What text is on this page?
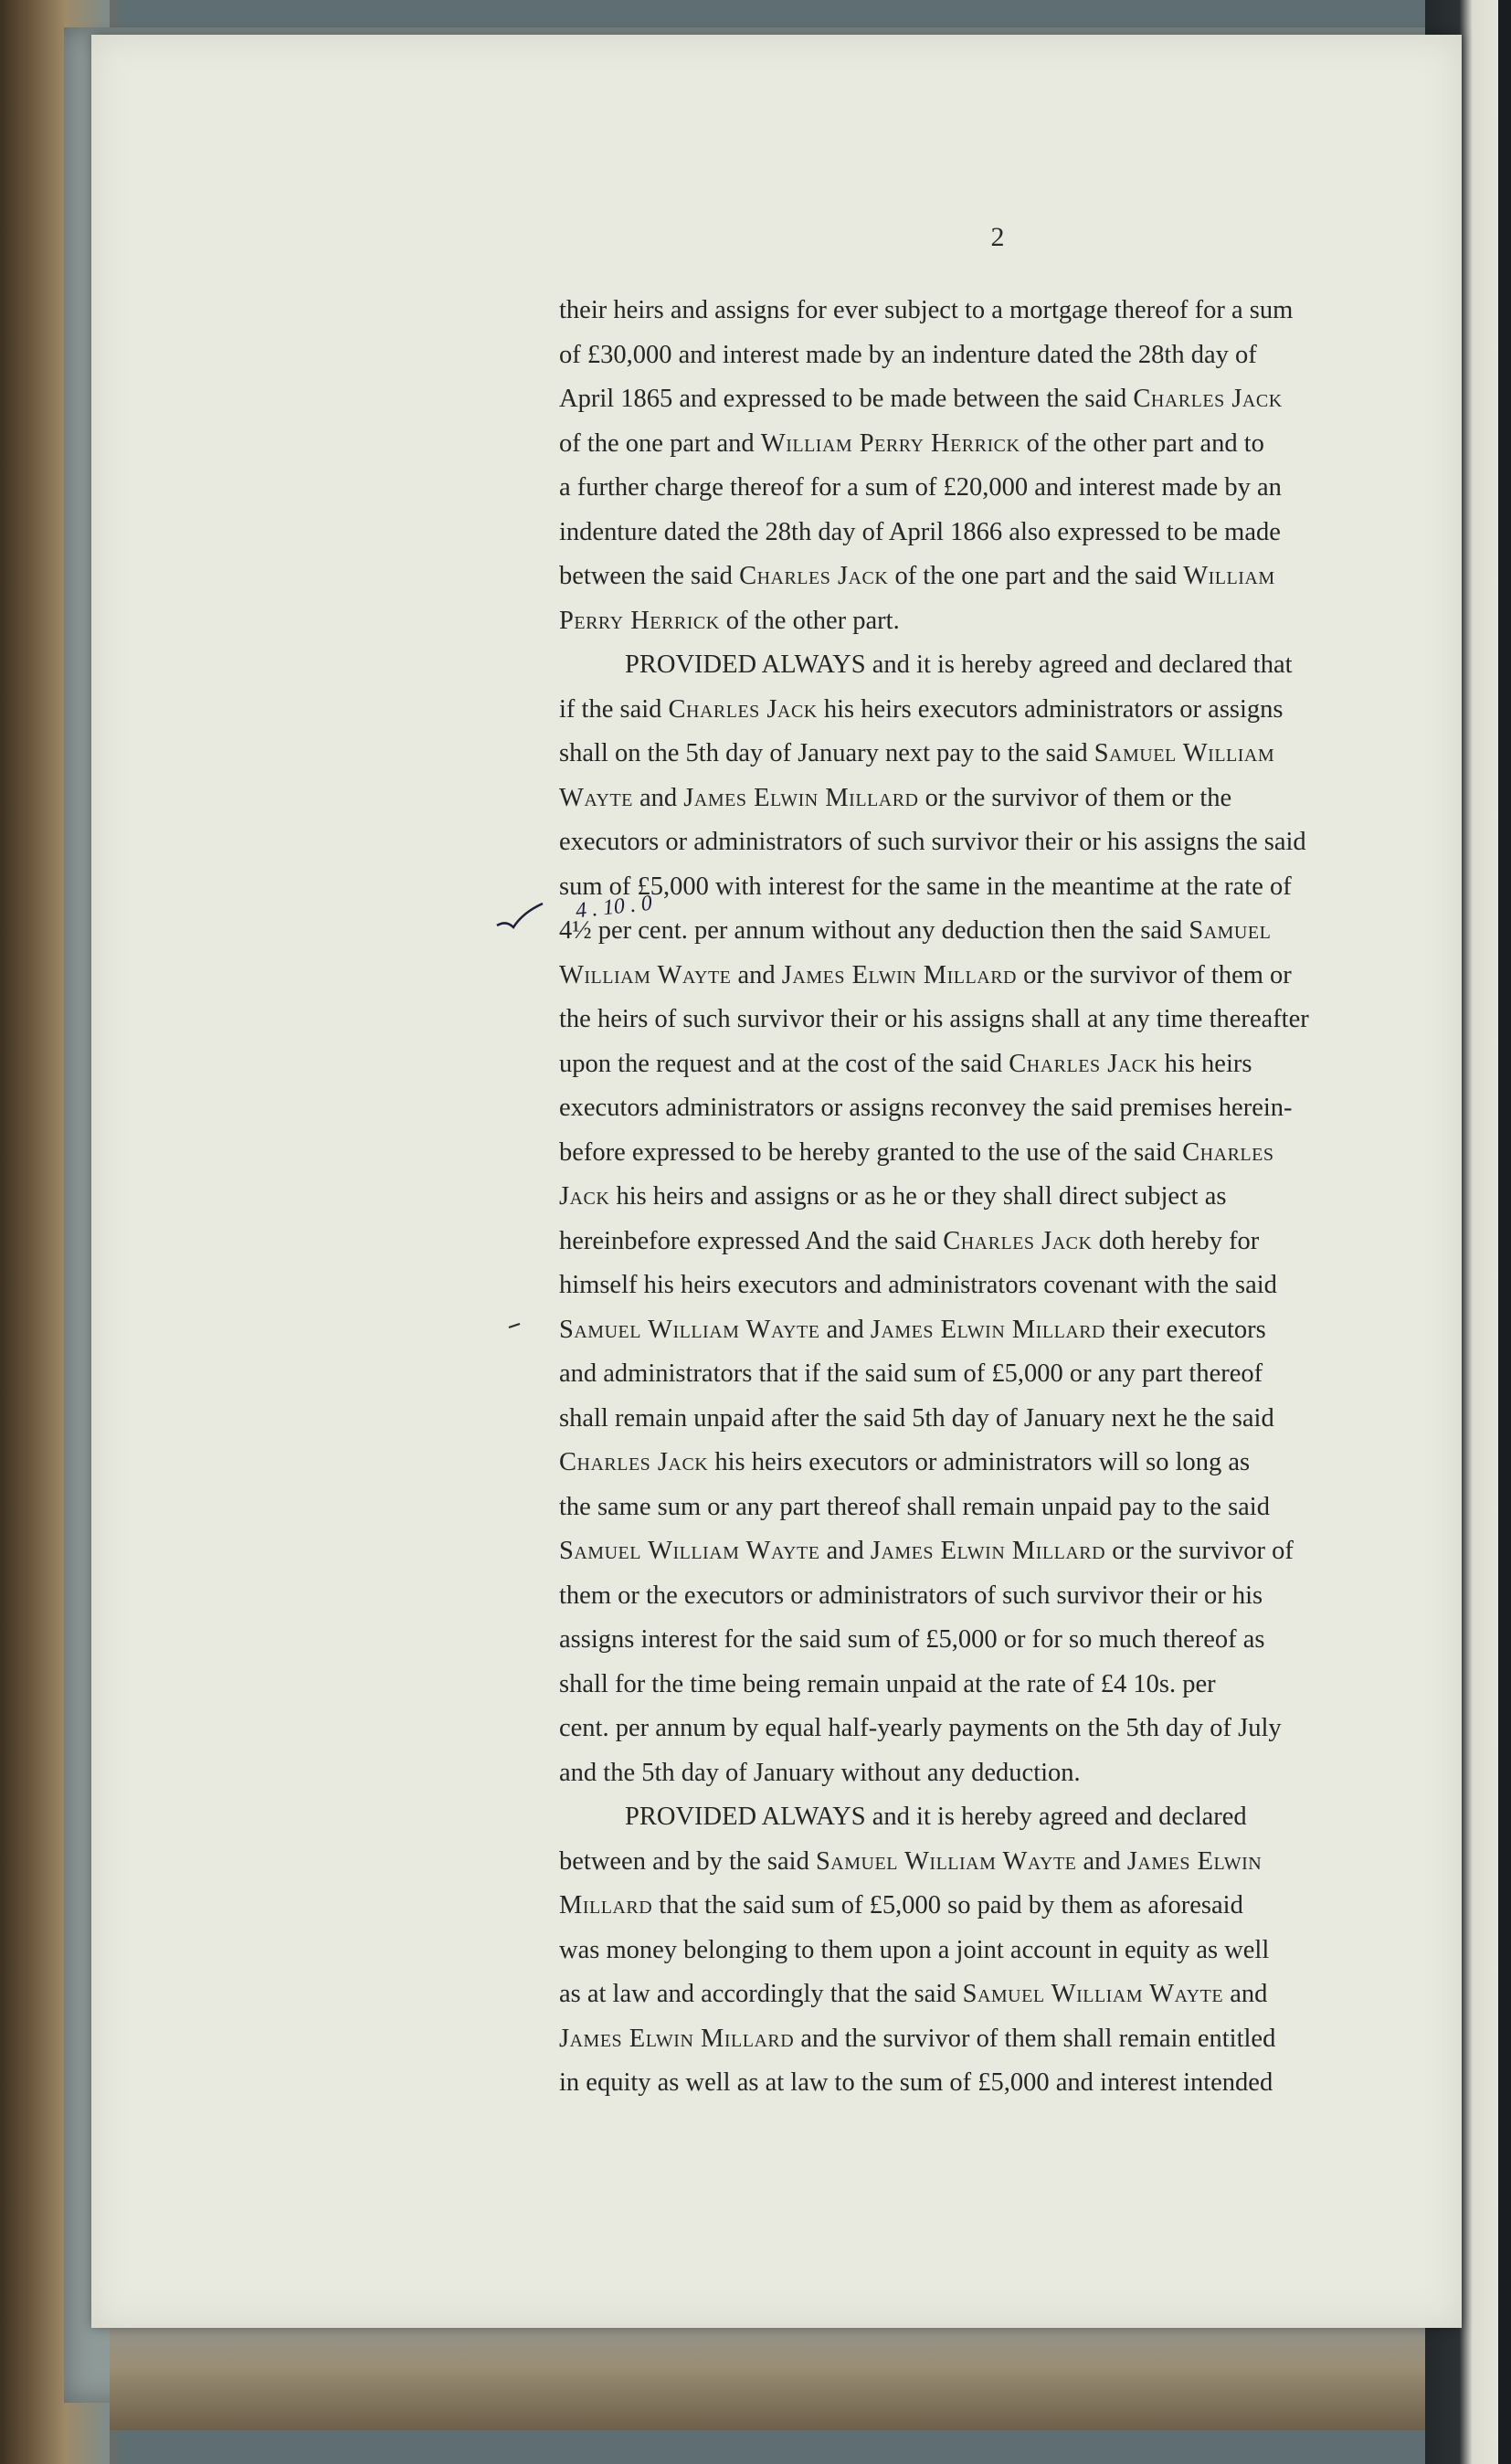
2
4 . 10 . 0
their heirs and assigns for ever subject to a mortgage thereof for a sum
of £30,000 and interest made by an indenture dated the 28th day of
April 1865 and expressed to be made between the said Charles Jack
of the one part and William Perry Herrick of the other part and to
a further charge thereof for a sum of £20,000 and interest made by an
indenture dated the 28th day of April 1866 also expressed to be made
between the said Charles Jack of the one part and the said William
Perry Herrick of the other part.
PROVIDED ALWAYS and it is hereby agreed and declared that
if the said Charles Jack his heirs executors administrators or assigns
shall on the 5th day of January next pay to the said Samuel William
Wayte and James Elwin Millard or the survivor of them or the
executors or administrators of such survivor their or his assigns the said
sum of £5,000 with interest for the same in the meantime at the rate of
4½ per cent. per annum without any deduction then the said Samuel
William Wayte and James Elwin Millard or the survivor of them or
the heirs of such survivor their or his assigns shall at any time thereafter
upon the request and at the cost of the said Charles Jack his heirs
executors administrators or assigns reconvey the said premises herein-
before expressed to be hereby granted to the use of the said Charles
Jack his heirs and assigns or as he or they shall direct subject as
hereinbefore expressed And the said Charles Jack doth hereby for
himself his heirs executors and administrators covenant with the said
Samuel William Wayte and James Elwin Millard their executors
and administrators that if the said sum of £5,000 or any part thereof
shall remain unpaid after the said 5th day of January next he the said
Charles Jack his heirs executors or administrators will so long as
the same sum or any part thereof shall remain unpaid pay to the said
Samuel William Wayte and James Elwin Millard or the survivor of
them or the executors or administrators of such survivor their or his
assigns interest for the said sum of £5,000 or for so much thereof as
shall for the time being remain unpaid at the rate of £4 10s. per
cent. per annum by equal half-yearly payments on the 5th day of July
and the 5th day of January without any deduction.
PROVIDED ALWAYS and it is hereby agreed and declared
between and by the said Samuel William Wayte and James Elwin
Millard that the said sum of £5,000 so paid by them as aforesaid
was money belonging to them upon a joint account in equity as well
as at law and accordingly that the said Samuel William Wayte and
James Elwin Millard and the survivor of them shall remain entitled
in equity as well as at law to the sum of £5,000 and interest intended
